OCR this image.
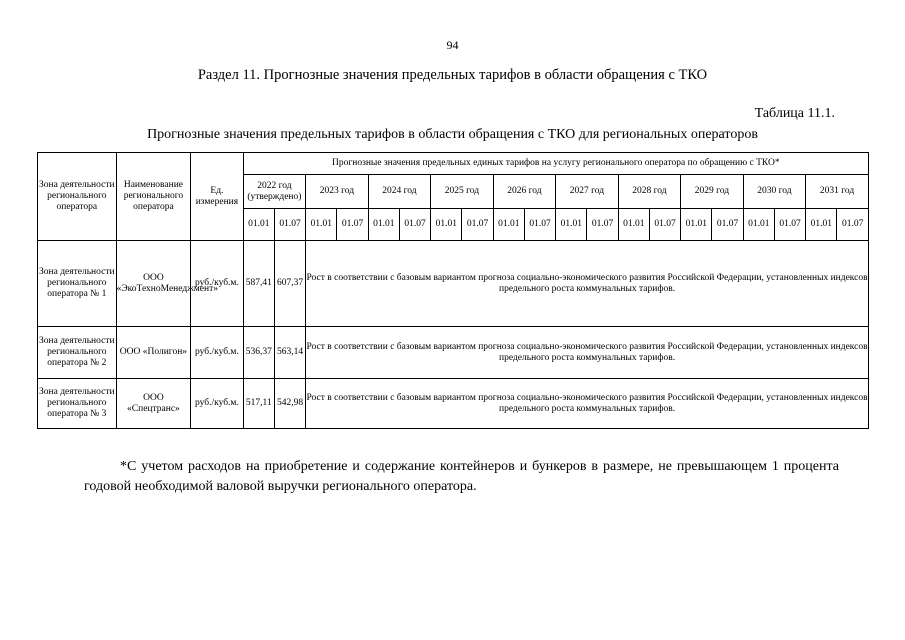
94
Раздел 11. Прогнозные значения предельных тарифов в области обращения с ТКО
Таблица 11.1.
Прогнозные значения предельных тарифов в области обращения с ТКО для региональных операторов
Зона деятельности регионального оператора	Наименование регионального оператора	Ед. измерения	Прогнозные значения предельных единых тарифов на услугу регионального оператора по обращению с ТКО*																			
			2022 год (утверждено)		2023 год		2024 год		2025 год		2026 год		2027 год		2028 год		2029 год		2030 год		2031 год	
			01.01	01.07	01.01	01.07	01.01	01.07	01.01	01.07	01.01	01.07	01.01	01.07	01.01	01.07	01.01	01.07	01.01	01.07	01.01	01.07
Зона деятельности регионального оператора № 1	ООО «ЭкоТехноМенеджмент»	руб./куб.м.	587,41	607,37	Рост в соответствии с базовым вариантом прогноза социально-экономического развития Российской Федерации, установленных индексов предельного роста коммунальных тарифов.																	
Зона деятельности регионального оператора № 2	ООО «Полигон»	руб./куб.м.	536,37	563,14	Рост в соответствии с базовым вариантом прогноза социально-экономического развития Российской Федерации, установленных индексов предельного роста коммунальных тарифов.																	
Зона деятельности регионального оператора № 3	ООО «Спецтранс»	руб./куб.м.	517,11	542,98	Рост в соответствии с базовым вариантом прогноза социально-экономического развития Российской Федерации, установленных индексов предельного роста коммунальных тарифов.																	
*С учетом расходов на приобретение и содержание контейнеров и бункеров в размере, не превышающем 1 процента годовой необходимой валовой выручки регионального оператора.
